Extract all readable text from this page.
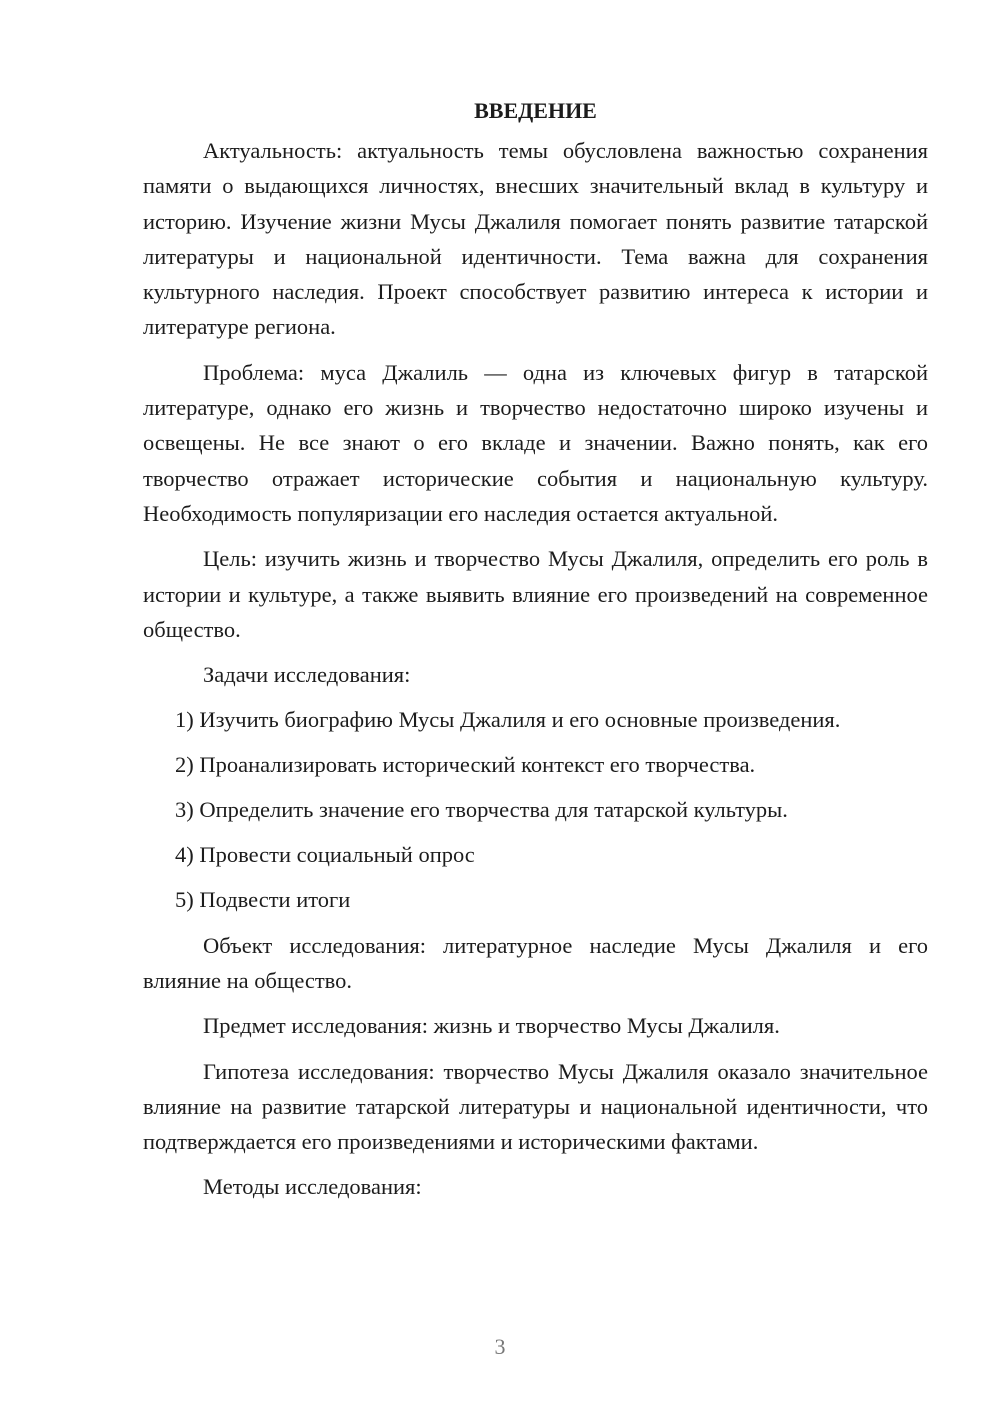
ВВЕДЕНИЕ

Актуальность: актуальность темы обусловлена важностью сохранения памяти о выдающихся личностях, внесших значительный вклад в культуру и историю. Изучение жизни Мусы Джалиля помогает понять развитие татарской литературы и национальной идентичности. Тема важна для сохранения культурного наследия. Проект способствует развитию интереса к истории и литературе региона.

Проблема: муса Джалиль — одна из ключевых фигур в татарской литературе, однако его жизнь и творчество недостаточно широко изучены и освещены. Не все знают о его вкладе и значении. Важно понять, как его творчество отражает исторические события и национальную культуру. Необходимость популяризации его наследия остается актуальной.

Цель: изучить жизнь и творчество Мусы Джалиля, определить его роль в истории и культуре, а также выявить влияние его произведений на современное общество.

Задачи исследования:

1) Изучить биографию Мусы Джалиля и его основные произведения.
2) Проанализировать исторический контекст его творчества.
3) Определить значение его творчества для татарской культуры.
4) Провести социальный опрос
5) Подвести итоги

Объект исследования: литературное наследие Мусы Джалиля и его влияние на общество.

Предмет исследования: жизнь и творчество Мусы Джалиля.

Гипотеза исследования: творчество Мусы Джалиля оказало значительное влияние на развитие татарской литературы и национальной идентичности, что подтверждается его произведениями и историческими фактами.

Методы исследования:

3
